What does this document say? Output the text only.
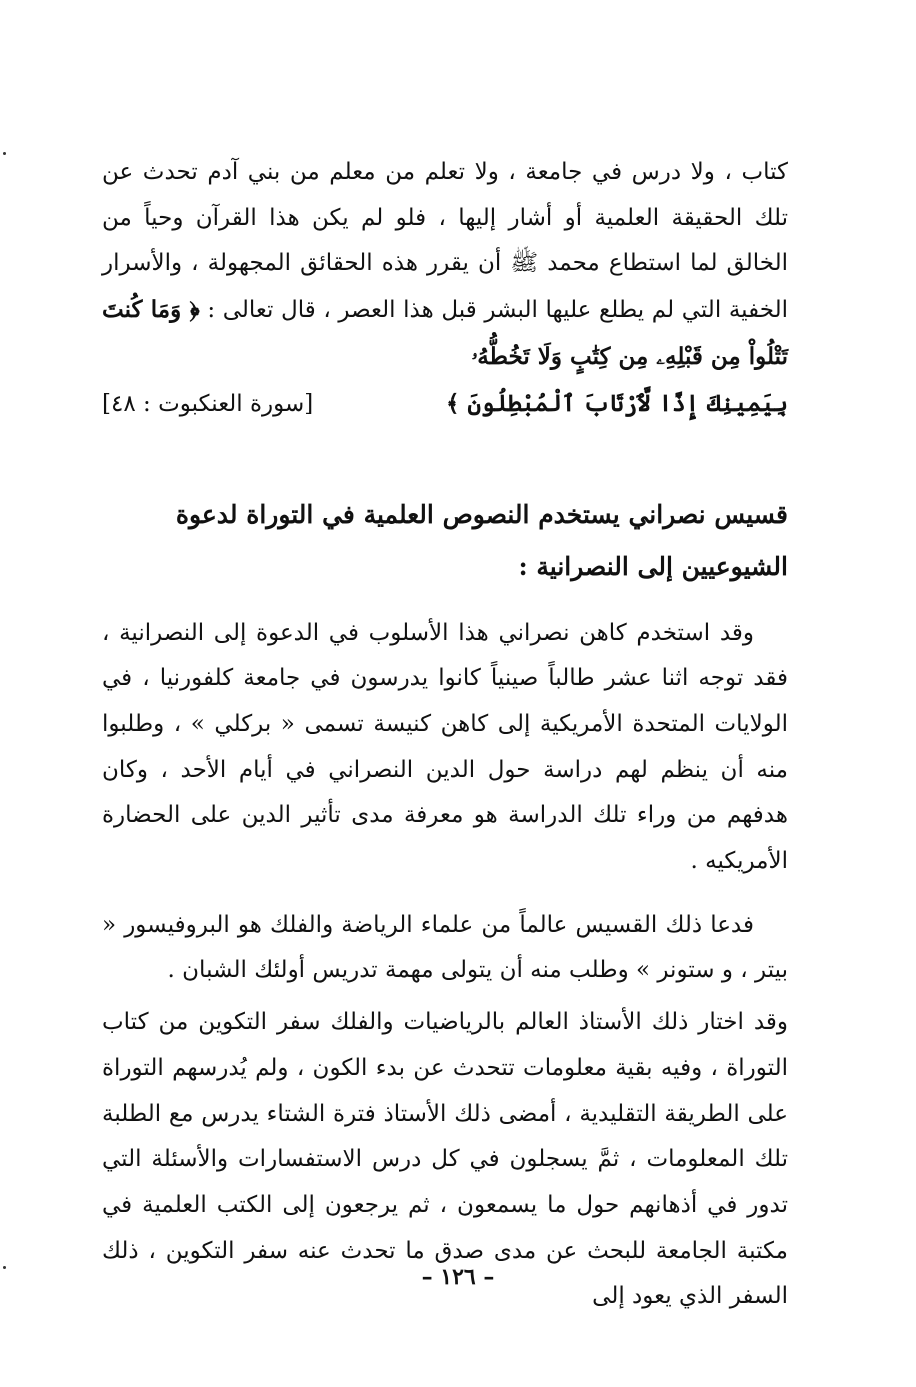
كتاب ، ولا درس في جامعة ، ولا تعلم من معلم من بني آدم تحدث عن تلك الحقيقة العلمية أو أشار إليها ، فلو لم يكن هذا القرآن وحياً من الخالق لما استطاع محمد ﷺ أن يقرر هذه الحقائق المجهولة ، والأسرار الخفية التي لم يطلع عليها البشر قبل هذا العصر ، قال تعالى : ﴿ وَمَا كُنتَ تَتْلُواْ مِن قَبْلِهِۦ مِن كِتَٰبٍ وَلَا تَخُطُّهُۥ

بِيَمِينِكَ إِذًا لَّٱرْتَابَ ٱلْمُبْطِلُونَ ﴾
[سورة العنكبوت : ٤٨]

قسيس نصراني يستخدم النصوص العلمية في التوراة لدعوة الشيوعيين إلى النصرانية :

وقد استخدم كاهن نصراني هذا الأسلوب في الدعوة إلى النصرانية ، فقد توجه اثنا عشر طالباً صينياً كانوا يدرسون في جامعة كلفورنيا ، في الولايات المتحدة الأمريكية إلى كاهن كنيسة تسمى « بركلي » ، وطلبوا منه أن ينظم لهم دراسة حول الدين النصراني في أيام الأحد ، وكان هدفهم من وراء تلك الدراسة هو معرفة مدى تأثير الدين على الحضارة الأمريكيه .

فدعا ذلك القسيس عالماً من علماء الرياضة والفلك هو البروفيسور « بيتر ، و ستونر » وطلب منه أن يتولى مهمة تدريس أولئك الشبان .

وقد اختار ذلك الأستاذ العالم بالرياضيات والفلك سفر التكوين من كتاب التوراة ، وفيه بقية معلومات تتحدث عن بدء الكون ، ولم يُدرسهم التوراة على الطريقة التقليدية ، أمضى ذلك الأستاذ فترة الشتاء يدرس مع الطلبة تلك المعلومات ، ثمَّ يسجلون في كل درس الاستفسارات والأسئلة التي تدور في أذهانهم حول ما يسمعون ، ثم يرجعون إلى الكتب العلمية في مكتبة الجامعة للبحث عن مدى صدق ما تحدث عنه سفر التكوين ، ذلك السفر الذي يعود إلى

– ١٢٦ –
